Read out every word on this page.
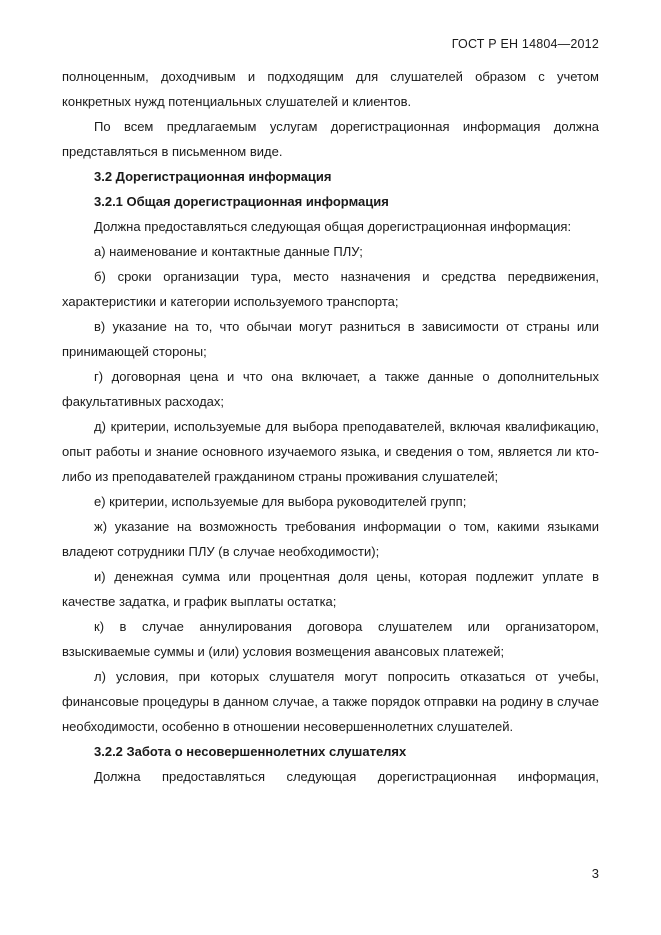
ГОСТ Р ЕН 14804—2012

полноценным, доходчивым и подходящим для слушателей образом с учетом конкретных нужд потенциальных слушателей и клиентов.

По всем предлагаемым услугам дорегистрационная информация должна представляться в письменном виде.

3.2 Дорегистрационная информация

3.2.1 Общая дорегистрационная информация

Должна предоставляться следующая общая дорегистрационная информация:

а) наименование и контактные данные ПЛУ;

б) сроки организации тура, место назначения и средства передвижения, характеристики и категории используемого транспорта;

в) указание на то, что обычаи могут разниться в зависимости от страны или принимающей стороны;

г) договорная цена и что она включает, а также данные о дополнительных факультативных расходах;

д) критерии, используемые для выбора преподавателей, включая квалификацию, опыт работы и знание основного изучаемого языка, и сведения о том, является ли кто-либо из преподавателей гражданином страны проживания слушателей;

е) критерии, используемые для выбора руководителей групп;

ж) указание на возможность требования информации о том, какими языками владеют сотрудники ПЛУ (в случае необходимости);

и) денежная сумма или процентная доля цены, которая подлежит уплате в качестве задатка, и график выплаты остатка;

к) в случае аннулирования договора слушателем или организатором, взыскиваемые суммы и (или) условия возмещения авансовых платежей;

л) условия, при которых слушателя могут попросить отказаться от учебы, финансовые процедуры в данном случае, а также порядок отправки на родину в случае необходимости, особенно в отношении несовершеннолетних слушателей.

3.2.2 Забота о несовершеннолетних слушателях

Должна предоставляться следующая дорегистрационная информация,

3
